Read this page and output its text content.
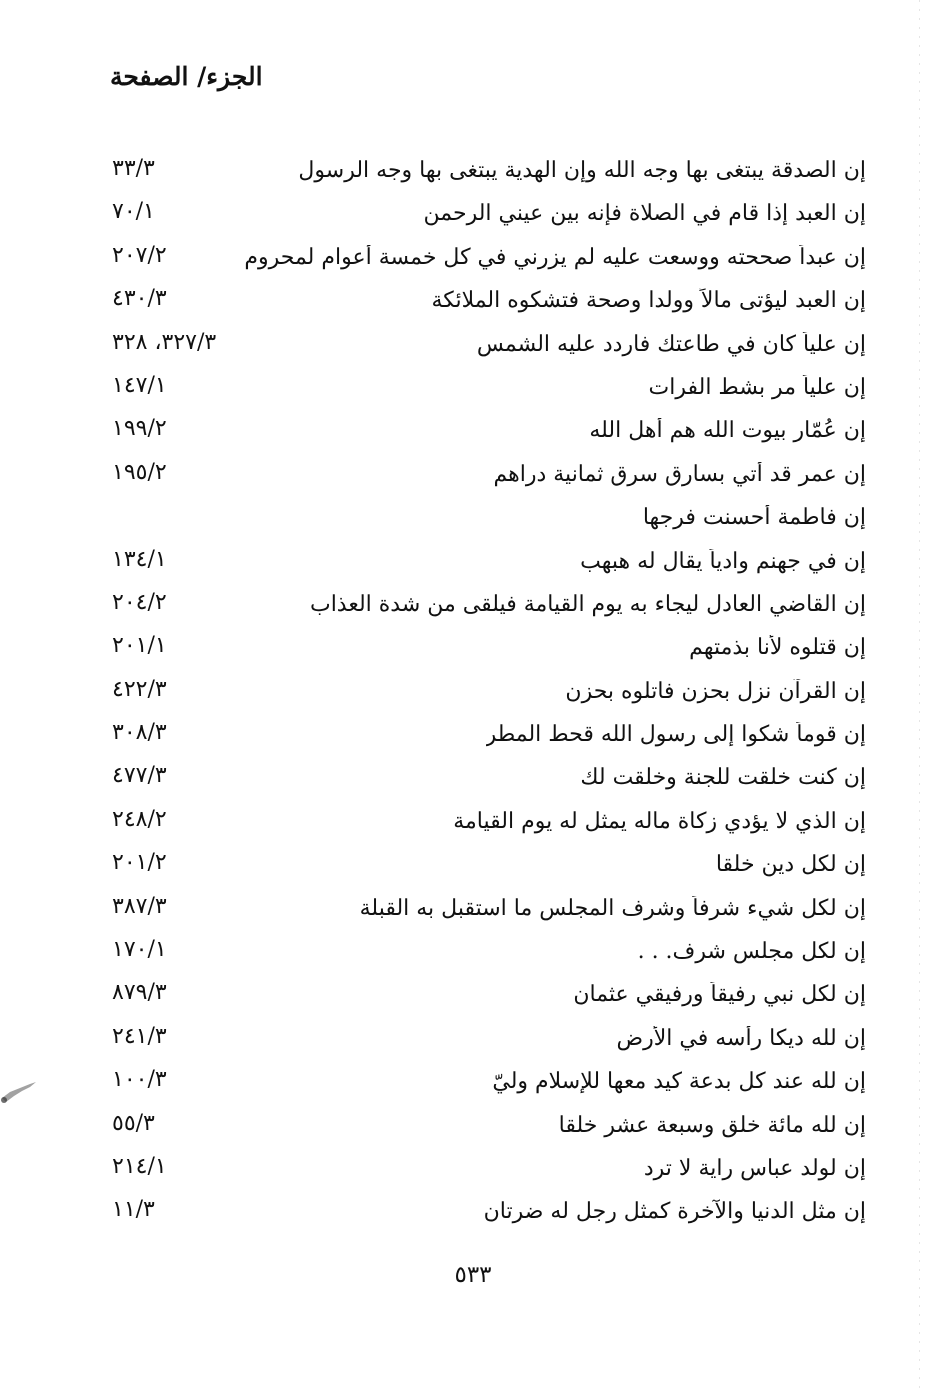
الجزء/ الصفحة
إن الصدقة يبتغى بها وجه الله وإن الهدية يبتغى بها وجه الرسول
٣٣/٣
إن العبد إذا قام في الصلاة فإنه بين عيني الرحمن
٧٠/١
إن عبداً صححته ووسعت عليه لم يزرني في كل خمسة أعوام لمحروم
٢٠٧/٢
إن العبد ليؤتى مالاً وولدا وصحة فتشكوه الملائكة
٤٣٠/٣
إن علياً كان في طاعتك فاردد عليه الشمس
٣٢٧/٣، ٣٢٨
إن علياً مر بشط الفرات
١٤٧/١
إن عُمّار بيوت الله هم أهل الله
١٩٩/٢
إن عمر قد أُتي بسارق سرق ثمانية دراهم
١٩٥/٢
إن فاطمة أحسنت فرجها
إن في جهنم وادياً يقال له هبهب
١٣٤/١
إن القاضي العادل ليجاء به يوم القيامة فيلقى من شدة العذاب
٢٠٤/٢
إن قتلوه لأنا بذمتهم
٢٠١/١
إن القرآن نزل بحزن فاتلوه بحزن
٤٢٢/٣
إن قوماً شكوا إلى رسول الله قحط المطر
٣٠٨/٣
إن كنت خلقت للجنة وخلقت لك
٤٧٧/٣
إن الذي لا يؤدي زكاة ماله يمثل له يوم القيامة
٢٤٨/٢
إن لكل دين خلقا
٢٠١/٢
إن لكل شيء شرفاً وشرف المجلس ما استقبل به القبلة
٣٨٧/٣
إن لكل مجلس شرف. . .
١٧٠/١
إن لكل نبي رفيقاً ورفيقي عثمان
٨٧٩/٣
إن لله ديكا رأسه في الأرض
٢٤١/٣
إن لله عند كل بدعة كيد معها للإسلام وليّ
١٠٠/٣
إن لله مائة خلق وسبعة عشر خلقا
٥٥/٣
إن لولد عباس راية لا ترد
٢١٤/١
إن مثل الدنيا والآخرة كمثل رجل له ضرتان
١١/٣
٥٣٣
